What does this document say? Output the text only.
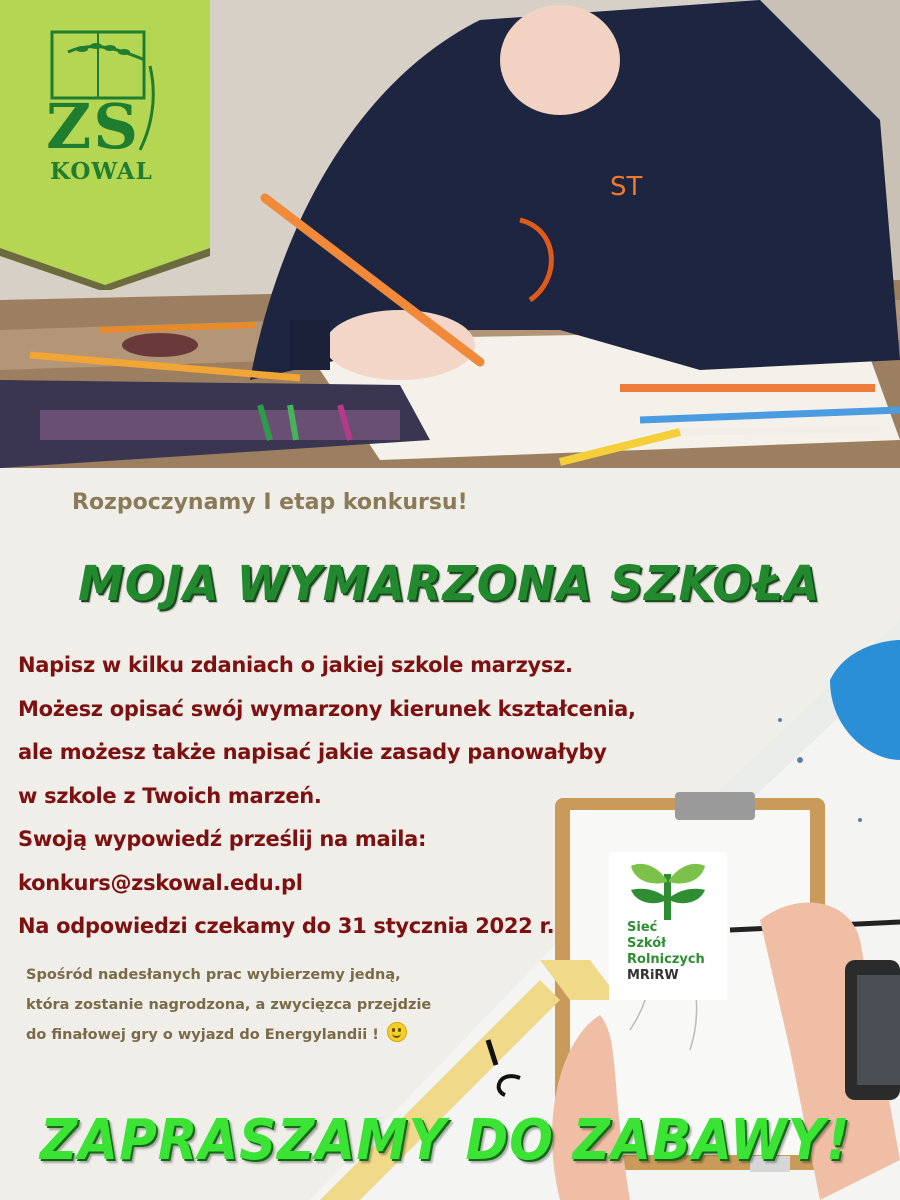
ST
ZS
KOWAL
Rozpoczynamy I etap konkursu!
MOJA WYMARZONA SZKOŁA
Napisz w kilku zdaniach o jakiej szkole marzysz.
Możesz opisać swój wymarzony kierunek kształcenia,
ale możesz także napisać jakie zasady panowałyby
w szkole z Twoich marzeń.
Swoją wypowiedź prześlij na maila:
konkurs@zskowal.edu.pl
Na odpowiedzi czekamy do 31 stycznia 2022 r.
Spośród nadesłanych prac wybierzemy jedną,
która zostanie nagrodzona, a zwycięzca przejdzie
do finałowej gry o wyjazd do Energylandii !
Sieć
Szkół
Rolniczych
MRiRW
ZAPRASZAMY DO ZABAWY!
